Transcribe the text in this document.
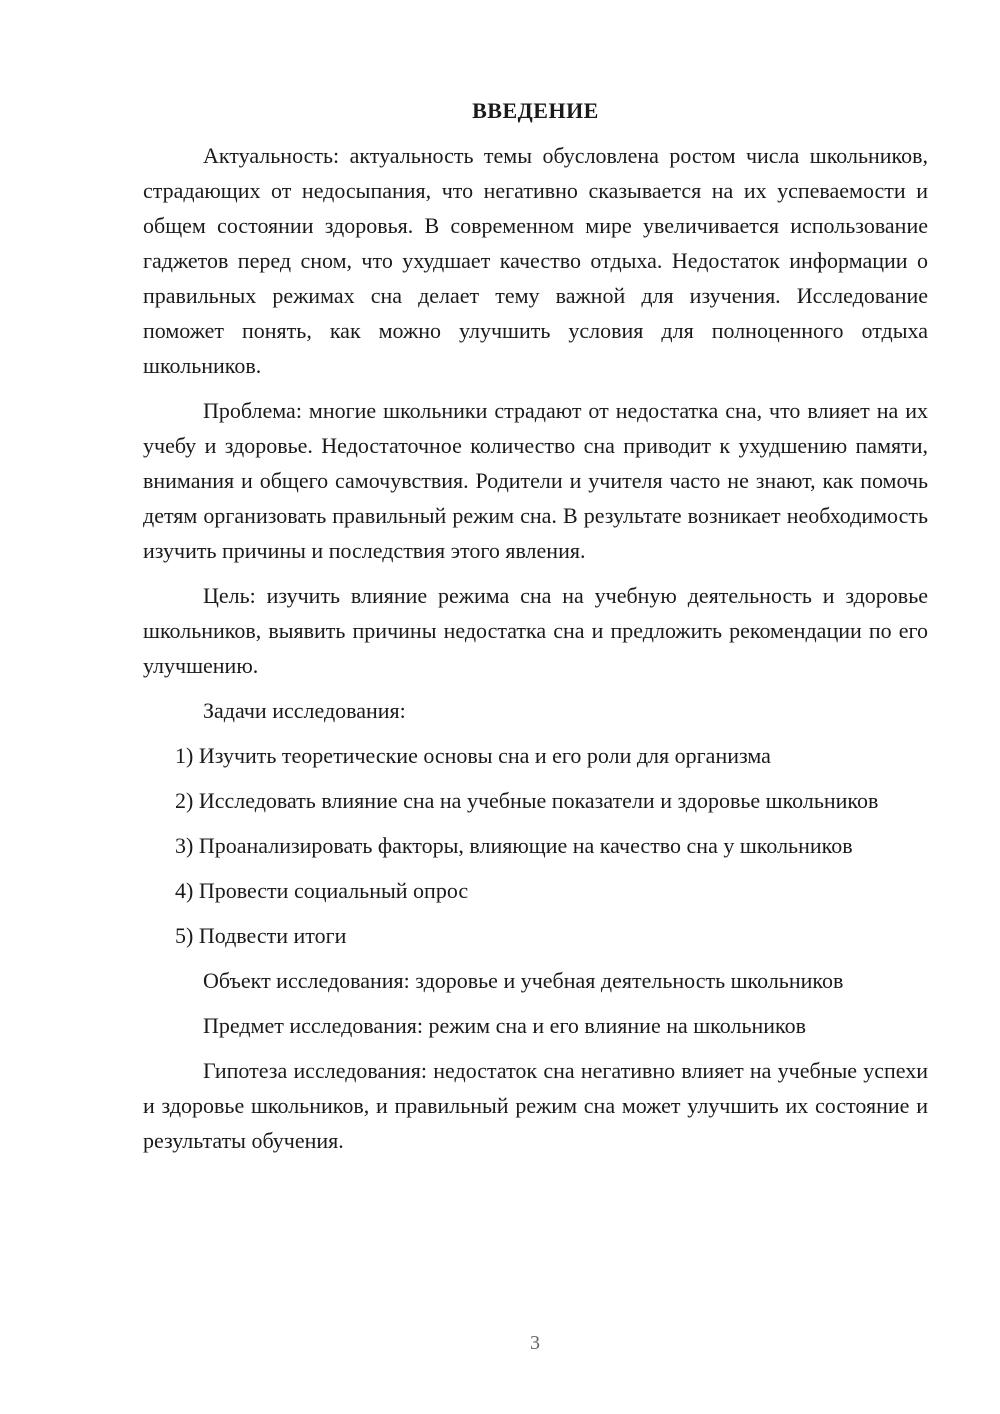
ВВЕДЕНИЕ

Актуальность: актуальность темы обусловлена ростом числа школьников, страдающих от недосыпания, что негативно сказывается на их успеваемости и общем состоянии здоровья. В современном мире увеличивается использование гаджетов перед сном, что ухудшает качество отдыха. Недостаток информации о правильных режимах сна делает тему важной для изучения. Исследование поможет понять, как можно улучшить условия для полноценного отдыха школьников.

Проблема: многие школьники страдают от недостатка сна, что влияет на их учебу и здоровье. Недостаточное количество сна приводит к ухудшению памяти, внимания и общего самочувствия. Родители и учителя часто не знают, как помочь детям организовать правильный режим сна. В результате возникает необходимость изучить причины и последствия этого явления.

Цель: изучить влияние режима сна на учебную деятельность и здоровье школьников, выявить причины недостатка сна и предложить рекомендации по его улучшению.

Задачи исследования:

1) Изучить теоретические основы сна и его роли для организма

2) Исследовать влияние сна на учебные показатели и здоровье школьников

3) Проанализировать факторы, влияющие на качество сна у школьников

4) Провести социальный опрос

5) Подвести итоги

Объект исследования: здоровье и учебная деятельность школьников

Предмет исследования: режим сна и его влияние на школьников

Гипотеза исследования: недостаток сна негативно влияет на учебные успехи и здоровье школьников, и правильный режим сна может улучшить их состояние и результаты обучения.

3
